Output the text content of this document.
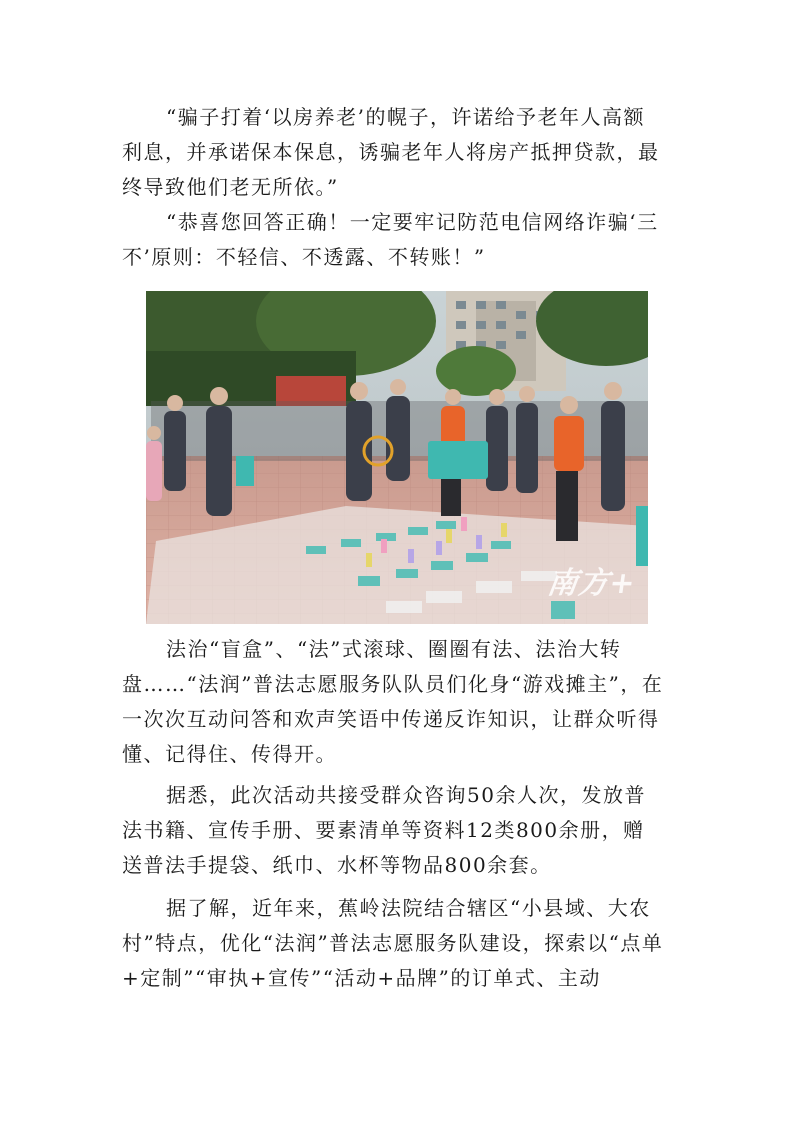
“骗子打着‘以房养老’的幌子，许诺给予老年人高额利息，并承诺保本保息，诱骗老年人将房产抵押贷款，最终导致他们老无所依。”

“恭喜您回答正确！一定要牢记防范电信网络诈骗‘三不’原则：不轻信、不透露、不转账！”

南方+

法治“盲盒”、“法”式滚球、圈圈有法、法治大转盘……“法润”普法志愿服务队队员们化身“游戏摊主”，在一次次互动问答和欢声笑语中传递反诈知识，让群众听得懂、记得住、传得开。

据悉，此次活动共接受群众咨询50余人次，发放普法书籍、宣传手册、要素清单等资料12类800余册，赠送普法手提袋、纸巾、水杯等物品800余套。

据了解，近年来，蕉岭法院结合辖区“小县域、大农村”特点，优化“法润”普法志愿服务队建设，探索以“点单+定制”“审执+宣传”“活动+品牌”的订单式、主动
